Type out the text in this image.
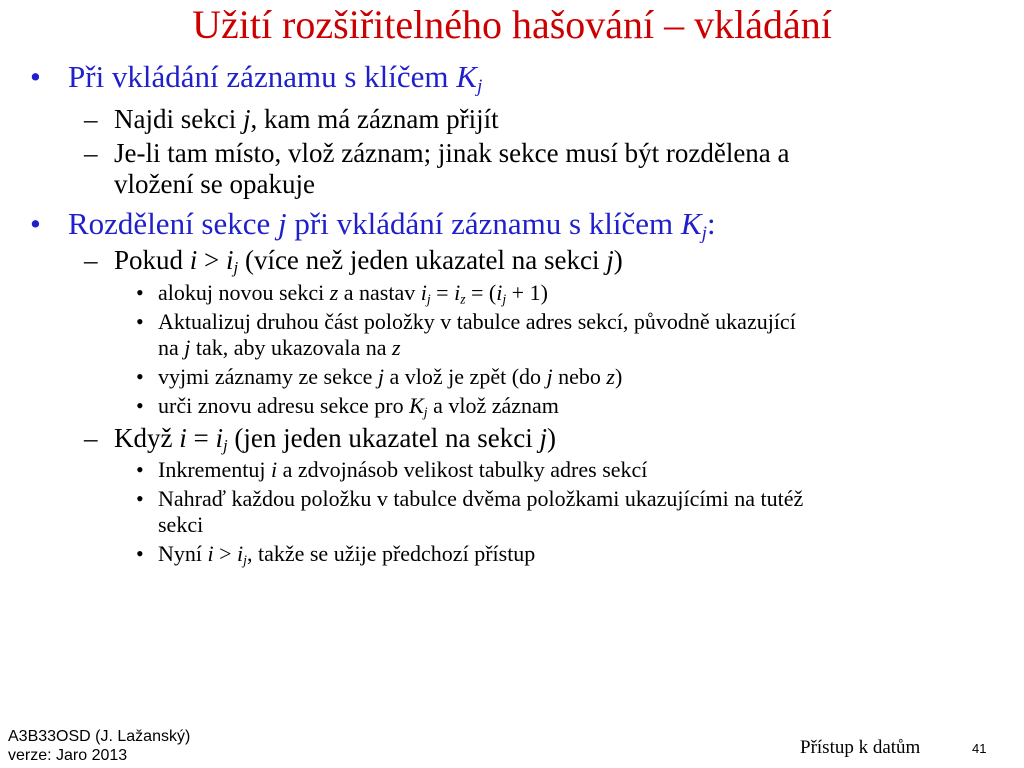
Užití rozšiřitelného hašování – vkládání
• Při vkládání záznamu s klíčem $K_j$
– Najdi sekci j, kam má záznam přijít
– Je-li tam místo, vlož záznam; jinak sekce musí být rozdělena a
vložení se opakuje
• Rozdělení sekce j při vkládání záznamu s klíčem $K_j$:
– Pokud $i > i_j$ (více než jeden ukazatel na sekci j)
• alokuj novou sekci z a nastav $i_j = i_z = (i_j + 1)$
• Aktualizuj druhou část položky v tabulce adres sekcí, původně ukazující
na j tak, aby ukazovala na z
• vyjmi záznamy ze sekce j a vlož je zpět (do j nebo z)
• urči znovu adresu sekce pro $K_j$ a vlož záznam
– Když $i = i_j$ (jen jeden ukazatel na sekci j)
• Inkrementuj i a zdvojnásob velikost tabulky adres sekcí
• Nahraď každou položku v tabulce dvěma položkami ukazujícími na tutéž
sekci
• Nyní $i > i_j$, takže se užije předchozí přístup
A3B33OSD (J. Lažanský)
verze: Jaro 2013	Přístup k datům	41
